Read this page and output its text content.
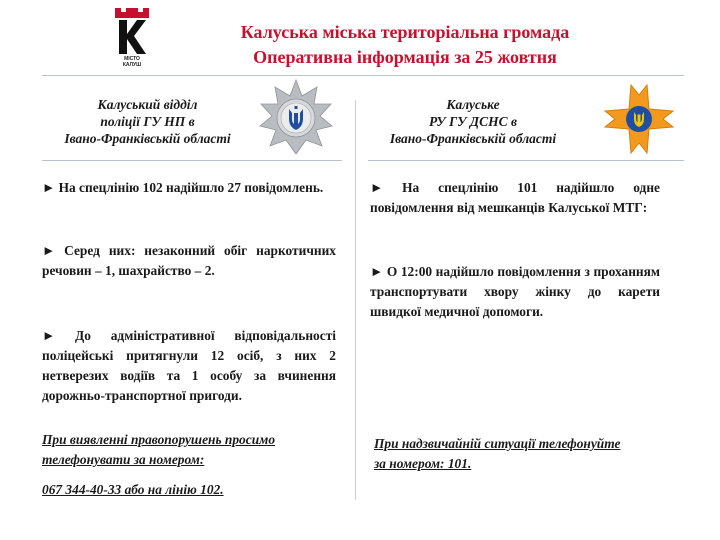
МІСТО
КАЛУШ
Калуська міська територіальна громада
Оперативна інформація за 25 жовтня
Калуський відділ
поліції ГУ НП в
Івано-Франківській області
► На спецлінію 102 надійшло 27 повідомлень.
► Серед них: незаконний обіг наркотичних речовин – 1, шахрайство – 2.
► До адміністративної відповідальності поліцейські притягнули 12 осіб, з них 2 нетверезих водіїв та 1 особу за вчинення дорожньо-транспортної пригоди.
При виявленні правопорушень просимо
телефонувати за номером:
067 344-40-33 або на лінію 102.
Калуське
РУ ГУ ДСНС в
Івано-Франківській області
► На спецлінію 101 надійшло одне повідомлення від мешканців Калуської МТГ:
► О 12:00 надійшло повідомлення з проханням транспортувати хвору жінку до карети швидкої медичної допомоги.
При надзвичайній ситуації телефонуйте
за номером: 101.
